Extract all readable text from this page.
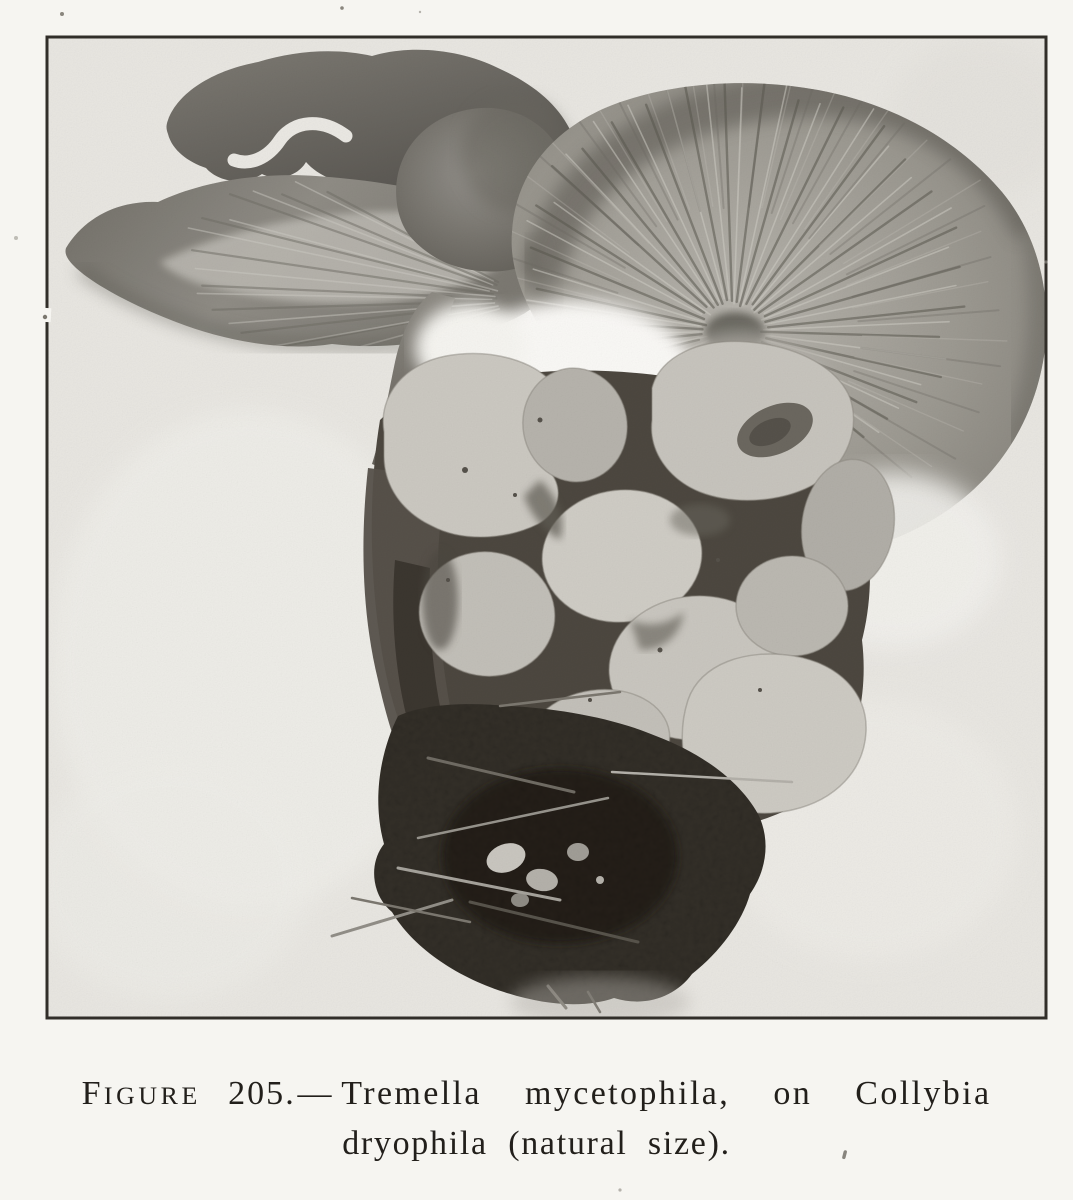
FIGURE 205.— Tremella mycetophila, on Collybia
dryophila (natural size).
